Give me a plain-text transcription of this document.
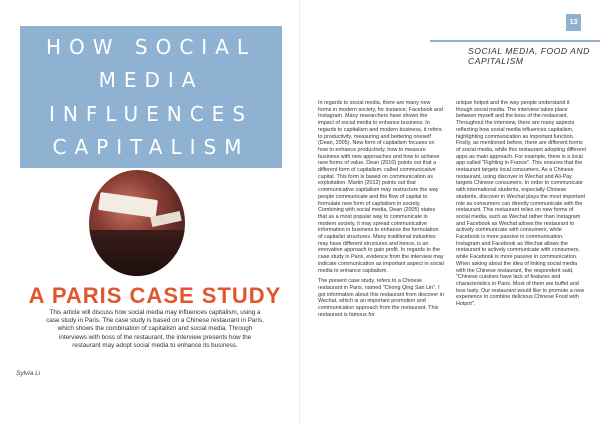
HOW SOCIAL
MEDIA
INFLUENCES
CAPITALISM
A PARIS CASE STUDY
This article will discuss how social media may influences capitalism, using a case study in Paris. The case study is based on a Chinese restaurant in Paris, which shows the combination of capitalism and social media. Through interviews with boss of the restaurant, the interview presents how the restaurant may adopt social media to enhance its business.
Sylvia Li
13
SOCIAL MEDIA, FOOD AND CAPITALISM

In regards to social media, there are many new forms in modern society, for instance; Facebook and Instagram. Many researchers have shown the impact of social media to enhance business. In regards to capitalism and modern business, it refers to productivity, measuring and bettering oneself (Dean, 2005). New form of capitalism focuses on how to enhance productivity, how to measure business with new approaches and how to achieve new forms of value. Dean (2010) points out that a different form of capitalism, called communicative capital. This form is based on communication as exploitation. Martin (2012) points out that communicative capitalism may restructure the way people communicate and the flow of capital to formulate new form of capitalism in society. Combining with social media, Dean (2005) states that as a most popular way to communicate in modern society, it may spread communicative information in business to enhance the formulation of capitalist structures. Many traditional industries may have different structures and hence, is an innovation approach to gain profit. In regards to the case study in Paris, evidence from the interview may indicate communication as important aspect in social media to enhance capitalism.

The present case study, refers to a Chinese restaurant in Paris, named "Chong Qing San Lin". I got information about this restaurant from discover in Wechat, which is an important promotion and communication approach from the restaurant. This restaurant is famous for

unique hotpot and the way people understand it though social media. The interview takes place between myself and the boss of the restaurant. Throughout the interview, there are many aspects reflecting how social media influences capitalism, highlighting communication as important function. Firstly, as mentioned before, there are different forms of social media, while this restaurant adopting different apps as main approach. For example, there is a local app called "Fighting in France". This ensures that the restaurant targets local consumers. As a Chinese restaurant, using discover in Wechat and Ali-Pay targets Chinese consumers. In order to communicate with international students, especially Chinese students, discover in Wechat plays the most important role as consumers can directly communicate with the restaurant. This restaurant relies on new forms of social media, such as Wechat rather than Instagram and Facebook as Wechat allows the restaurant to actively communicate with consumers, while Facebook is more passive in communication. Instagram and Facebook as Wechat allows the restaurant to actively communicate with consumers, while Facebook is more passive in communication. When asking about the idea of linking social media with the Chinese restaurant, the respondent said, "Chinese cuisines have lack of features and characteristics in Paris. Most of them are buffet and less tasty. Our restaurant would like to promote a new experience to combine delicious Chinese Food with Hotpot".
